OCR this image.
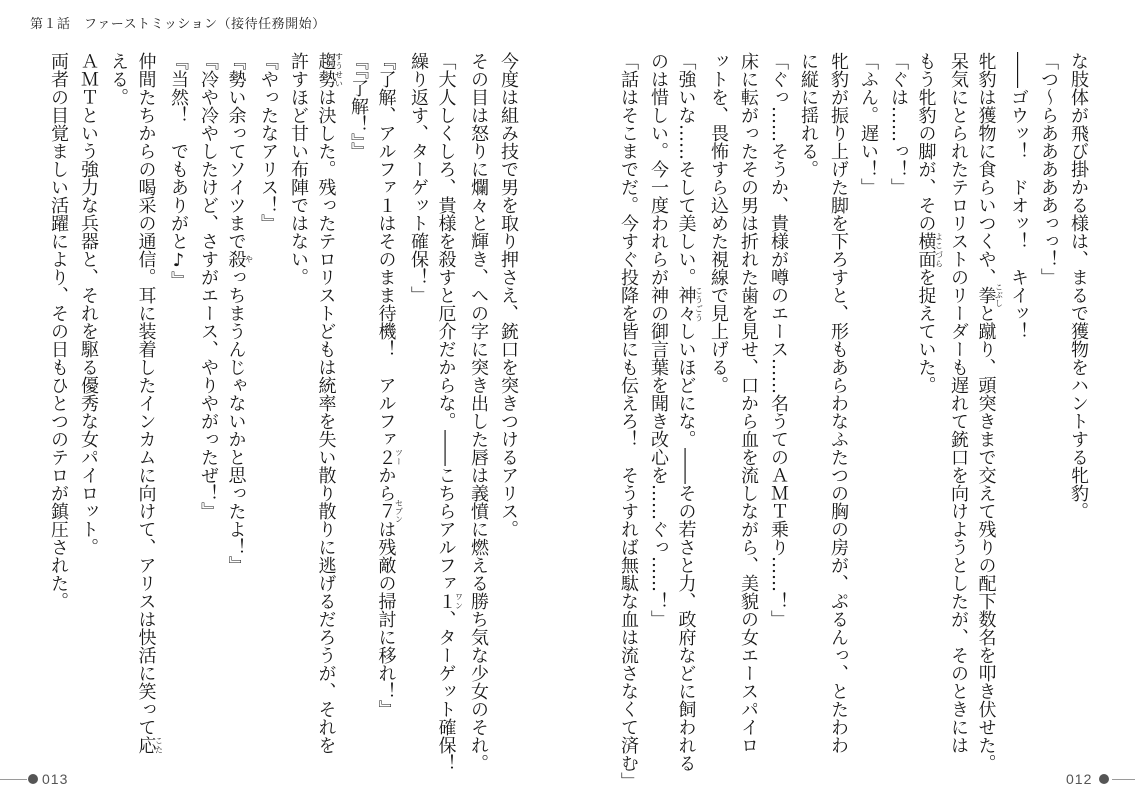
第１話　ファーストミッション（接待任務開始）
今度は組み技で男を取り押さえ、銃口を突きつけるアリス。
その目は怒りに爛々と輝き、への字に突き出した唇は義憤に燃える勝ち気な少女のそれ。
「大人しくしろ、貴様を殺すと厄介だからな。――こちらアルファ１ワン、ターゲット確保！
繰り返す、ターゲット確保！」
『了解、アルファ１はそのまま待機！　アルファ２ツーから７セブンは残敵の掃討に移れ！』
『『了解！』』
趨勢すうせいは決した。残ったテロリストどもは統率を失い散り散りに逃げるだろうが、それを
許すほど甘い布陣ではない。
『やったなアリス！』
『勢い余ってソイツまで殺やっちまうんじゃないかと思ったよ！』
『冷や冷やしたけど、さすがエース、やりやがったぜ！』
『当然！　でもありがと♪』
仲間たちからの喝采の通信。耳に装着したインカムに向けて、アリスは快活に笑って応こた
える。
ＡＭＴという強力な兵器と、それを駆る優秀な女パイロット。
両者の目覚ましい活躍により、その日もひとつのテロが鎮圧された。	な肢体が飛び掛かる様は、まるで獲物をハントする牝豹。
「つ～らあああああっっ！」
――ゴウッ！　ドオッ！　キイッ！
牝豹は獲物に食らいつくや、拳こぶしと蹴り、頭突きまで交えて残りの配下数名を叩き伏せた。
呆気にとられたテロリストのリーダーも遅れて銃口を向けようとしたが、そのときには
もう牝豹の脚が、その横面よこづらを捉えていた。
「ぐは……っ！」
「ふん。遅い！」
牝豹が振り上げた脚を下ろすと、形もあらわなふたつの胸の房が、ぷるんっ、とたわわ
に縦に揺れる。
「ぐっ……そうか、貴様が噂のエース……名うてのＡＭＴ乗り……！」
床に転がったその男は折れた歯を見せ、口から血を流しながら、美貌の女エースパイロ
ットを、畏怖すら込めた視線で見上げる。
「強いな……そして美しい。神々こうごうしいほどにな。――その若さと力、政府などに飼われる
のは惜しい。今一度われらが神の御言葉を聞き改心を……ぐっ……！」
「話はそこまでだ。今すぐ投降を皆にも伝えろ！　そうすれば無駄な血は流さなくて済む」
013	012
